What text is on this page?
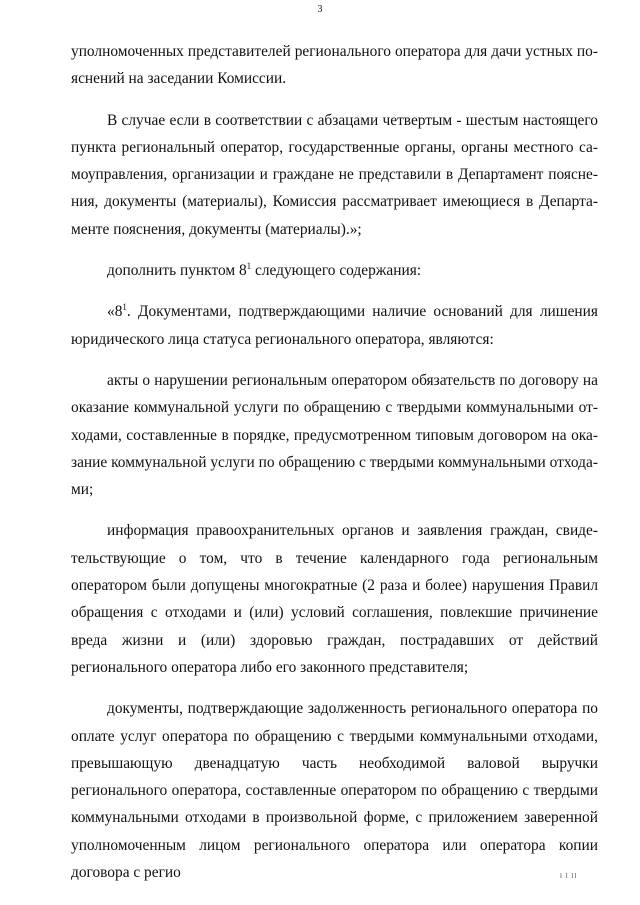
3

уполномоченных представителей регионального оператора для дачи устных пояснений на заседании Комиссии.

В случае если в соответствии с абзацами четвертым - шестым настоящего пункта региональный оператор, государственные органы, органы местного самоуправления, организации и граждане не представили в Департамент пояснения, документы (материалы), Комиссия рассматривает имеющиеся в Департаменте пояснения, документы (материалы).»;

дополнить пунктом $8^1$ следующего содержания:

«$8^1$. Документами, подтверждающими наличие оснований для лишения юридического лица статуса регионального оператора, являются:

акты о нарушении региональным оператором обязательств по договору на оказание коммунальной услуги по обращению с твердыми коммунальными отходами, составленные в порядке, предусмотренном типовым договором на оказание коммунальной услуги по обращению с твердыми коммунальными отходами;

информация правоохранительных органов и заявления граждан, свидетельствующие о том, что в течение календарного года региональным оператором были допущены многократные (2 раза и более) нарушения Правил обращения с отходами и (или) условий соглашения, повлекшие причинение вреда жизни и (или) здоровью граждан, пострадавших от действий регионального оператора либо его законного представителя;

документы, подтверждающие задолженность регионального оператора по оплате услуг оператора по обращению с твердыми коммунальными отходами, превышающую двенадцатую часть необходимой валовой выручки регионального оператора, составленные оператором по обращению с твердыми коммунальными отходами в произвольной форме, с приложением заверенной уполномоченным лицом регионального оператора или оператора копии договора с регио	l l ll
